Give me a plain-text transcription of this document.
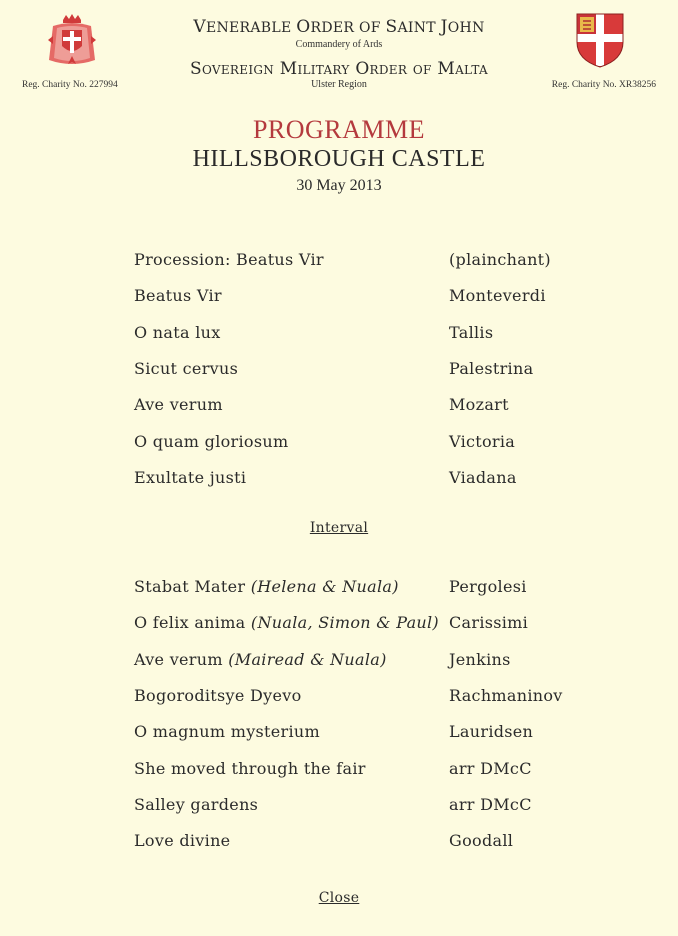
VENERABLE ORDER OF SAINT JOHN
Commandery of Ards
Sovereign Military Order of Malta
Ulster Region
Reg. Charity No. 227994	Reg. Charity No. XR38256
PROGRAMME
HILLSBOROUGH CASTLE
30 May 2013
Procession: Beatus Vir	(plainchant)
Beatus Vir	Monteverdi
O nata lux	Tallis
Sicut cervus	Palestrina
Ave verum	Mozart
O quam gloriosum	Victoria
Exultate justi	Viadana
Interval
Stabat Mater (Helena & Nuala)	Pergolesi
O felix anima (Nuala, Simon & Paul) Carissimi
Ave verum (Mairead & Nuala)	Jenkins
Bogoroditsye Dyevo	Rachmaninov
O magnum mysterium	Lauridsen
She moved through the fair	arr DMcC
Salley gardens	arr DMcC
Love divine	Goodall
Close
